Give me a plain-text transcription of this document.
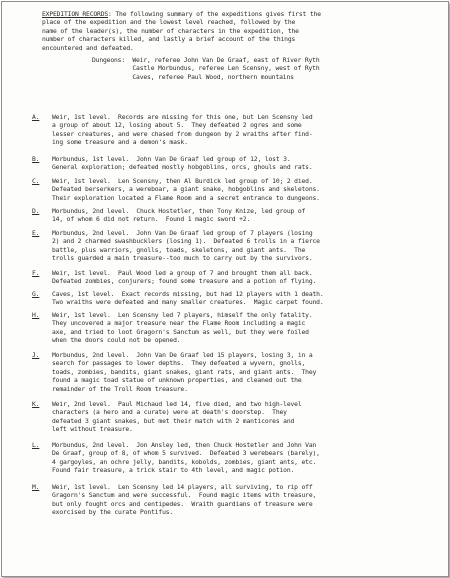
EXPEDITION RECORDS: The following summary of the expeditions gives first the
place of the expedition and the lowest level reached, followed by the
name of the leader(s), the number of characters in the expedition, the
number of characters killed, and lastly a brief account of the things
encountered and defeated.
Dungeons:  Weir, referee John Van De Graaf, east of River Ryth
Castle Morbundus, referee Len Scensny, west of Ryth
Caves, referee Paul Wood, northern mountains
A. Weir, 1st level.  Records are missing for this one, but Len Scensny led
a group of about 12, losing about 5.  They defeated 2 ogres and some
lesser creatures, and were chased from dungeon by 2 wraiths after find-
ing some treasure and a demon's mask.
B. Morbundus, 1st level.  John Van De Graaf led group of 12, lost 3.
General exploration; defeated mostly hobgoblins, orcs, ghouls and rats.
C. Weir, 1st level.  Len Scensny, then Al Burdick led group of 10; 2 died.
Defeated berserkers, a wereboar, a giant snake, hobgoblins and skeletons.
Their exploration located a Flame Room and a secret entrance to dungeons.
D. Morbundus, 2nd level.  Chuck Hostetler, then Tony Knize, led group of
14, of whom 6 did not return.  Found 1 magic sword +2.
E. Morbundus, 2nd level.  John Van De Graaf led group of 7 players (losing
2) and 2 charmed swashbucklers (losing 1).  Defeated 6 trolls in a fierce
battle, plus warriors, gnolls, toads, skeletons, and giant ants.  The
trolls guarded a main treasure--too much to carry out by the survivors.
F. Weir, 1st level.  Paul Wood led a group of 7 and brought them all back.
Defeated zombies, conjurers; found some treasure and a potion of flying.
G. Caves, 1st level.  Exact records missing, but had 12 players with 1 death.
Two wraiths were defeated and many smaller creatures.  Magic carpet found.
H. Weir, 1st level.  Len Scensny led 7 players, himself the only fatality.
They uncovered a major treasure near the Flame Room including a magic
axe, and tried to loot Gragorn's Sanctum as well, but they were foiled
when the doors could not be opened.
J. Morbundus, 2nd level.  John Van De Graaf led 15 players, losing 3, in a
search for passages to lower depths.  They defeated a wyvern, gnolls,
toads, zombies, bandits, giant snakes, giant rats, and giant ants.  They
found a magic toad statue of unknown properties, and cleaned out the
remainder of the Troll Room treasure.
K. Weir, 2nd level.  Paul Michaud led 14, five died, and two high-level
characters (a hero and a curate) were at death's doorstep.  They
defeated 3 giant snakes, but met their match with 2 manticores and
left without treasure.
L. Morbundus, 2nd level.  Jon Ansley led, then Chuck Hostetler and John Van
De Graaf, group of 8, of whom 5 survived.  Defeated 3 werebears (barely),
4 gargoyles, an ochre jelly, bandits, kobolds, zombies, giant ants, etc.
Found fair treasure, a trick stair to 4th level, and magic potion.
M. Weir, 1st level.  Len Scensny led 14 players, all surviving, to rip off
Gragorn's Sanctum and were successful.  Found magic items with treasure,
but only fought orcs and centipedes.  Wraith guardians of treasure were
exorcised by the curate Pontifus.
